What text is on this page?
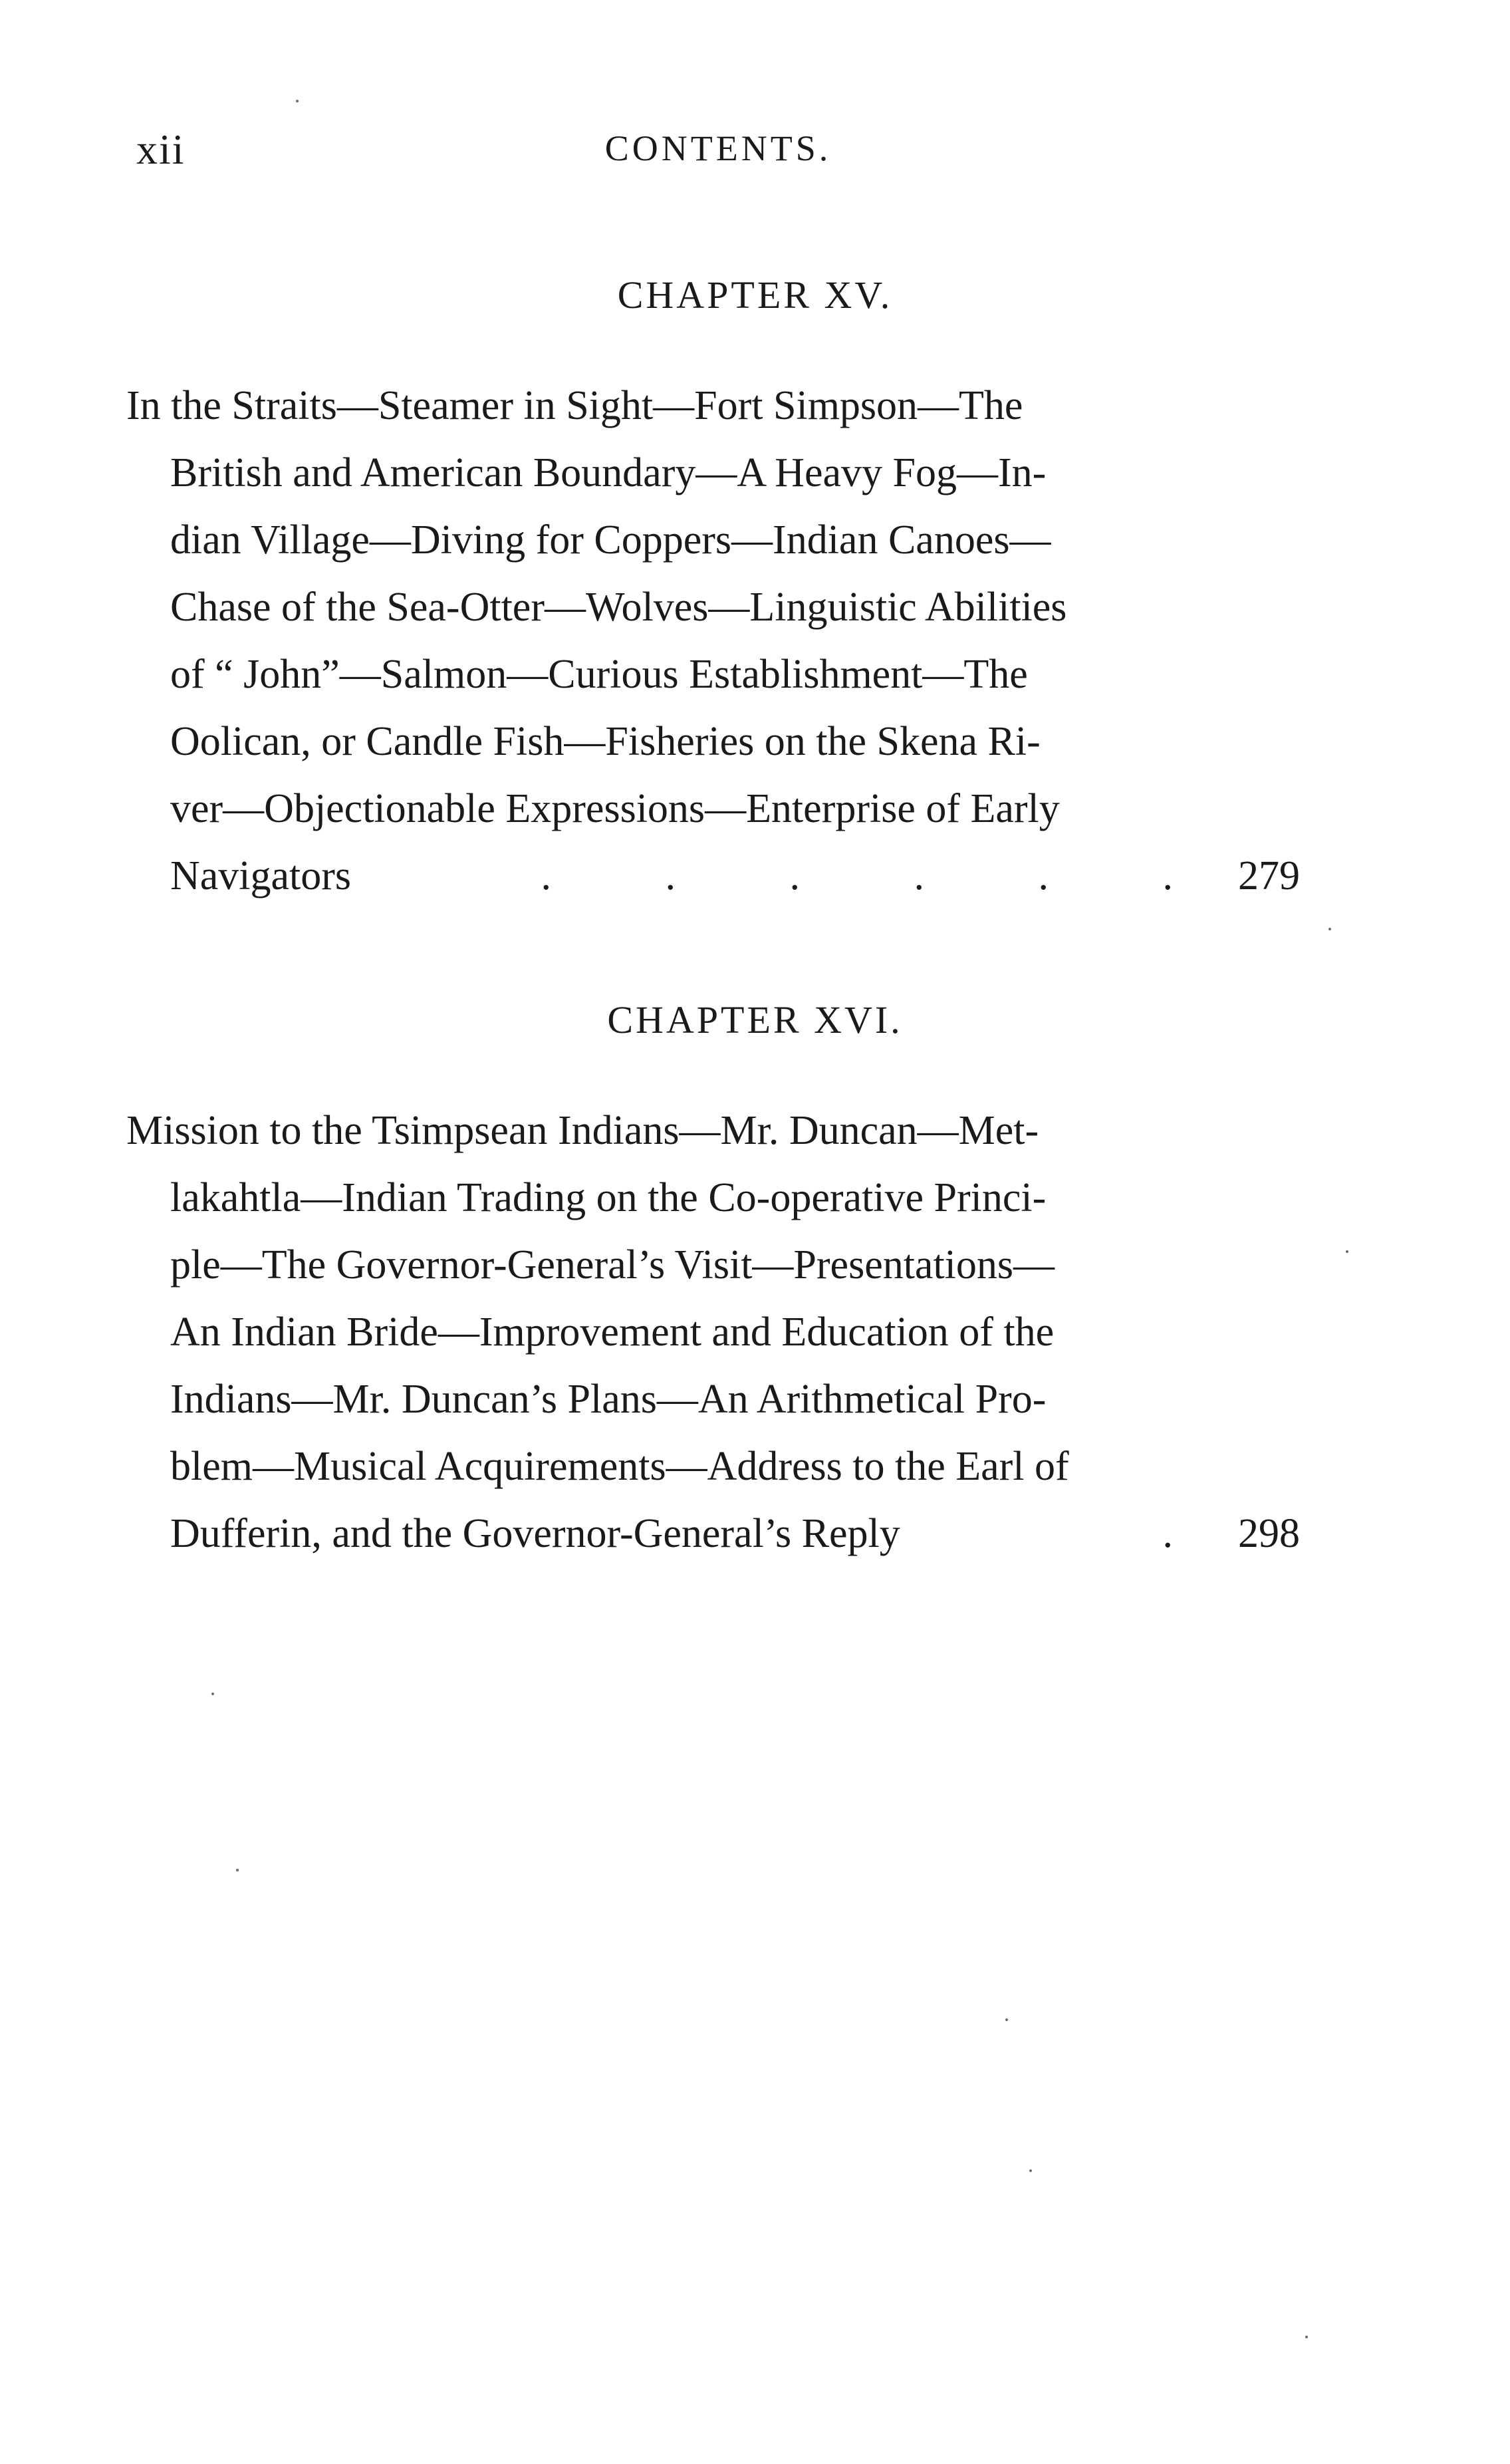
xii	CONTENTS.
CHAPTER XV.
In the Straits—Steamer in Sight—Fort Simpson—The
British and American Boundary—A Heavy Fog—In-
dian Village—Diving for Coppers—Indian Canoes—
Chase of the Sea-Otter—Wolves—Linguistic Abilities
of “ John”—Salmon—Curious Establishment—The
Oolican, or Candle Fish—Fisheries on the Skena Ri-
ver—Objectionable Expressions—Enterprise of Early
Navigators	. . . . . . 279
CHAPTER XVI.
Mission to the Tsimpsean Indians—Mr. Duncan—Met-
lakahtla—Indian Trading on the Co-operative Princi-
ple—The Governor-General’s Visit—Presentations—
An Indian Bride—Improvement and Education of the
Indians—Mr. Duncan’s Plans—An Arithmetical Pro-
blem—Musical Acquirements—Address to the Earl of
Dufferin, and the Governor-General’s Reply	. 298
